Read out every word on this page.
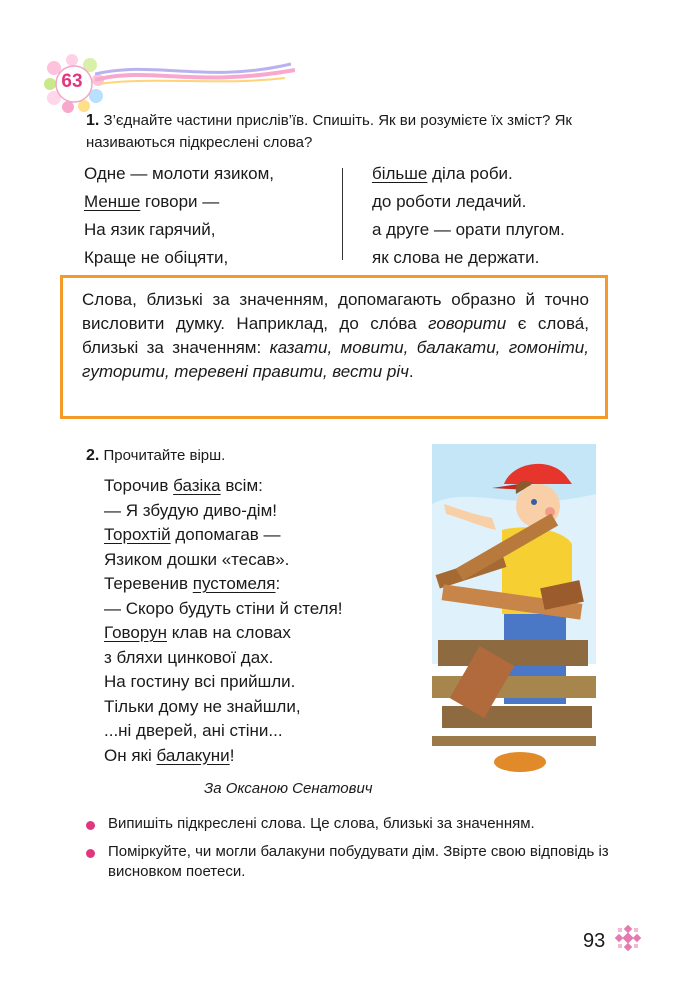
63
1. З’єднайте частини прислів’їв. Спишіть. Як ви розумієте їх зміст? Як називаються підкреслені слова?
Одне — молоти язиком,
Менше говори —
На язик гарячий,
Краще не обіцяти,
більше діла роби.
до роботи ледачий.
а друге — орати плугом.
як слова не держати.
Слова, близькі за значенням, допомагають образно й точно висловити думку. Наприклад, до сло́ва говорити є слова́, близькі за значенням: казати, мовити, балакати, гомоніти, гуторити, теревені правити, вести річ.
2. Прочитайте вірш.
Торочив базіка всім:
— Я збудую диво-дім!
Торохтій допомагав —
Язиком дошки «тесав».
Теревенив пустомеля:
— Скоро будуть стіни й стеля!
Говорун клав на словах
з бляхи цинкової дах.
На гостину всі прийшли.
Тільки дому не знайшли,
...ні дверей, ані стіни...
Он які балакуни!
За Оксаною Сенатович
Випишіть підкреслені слова. Це слова, близькі за значенням.
Поміркуйте, чи могли балакуни побудувати дім. Звірте свою відповідь із висновком поетеси.
93
